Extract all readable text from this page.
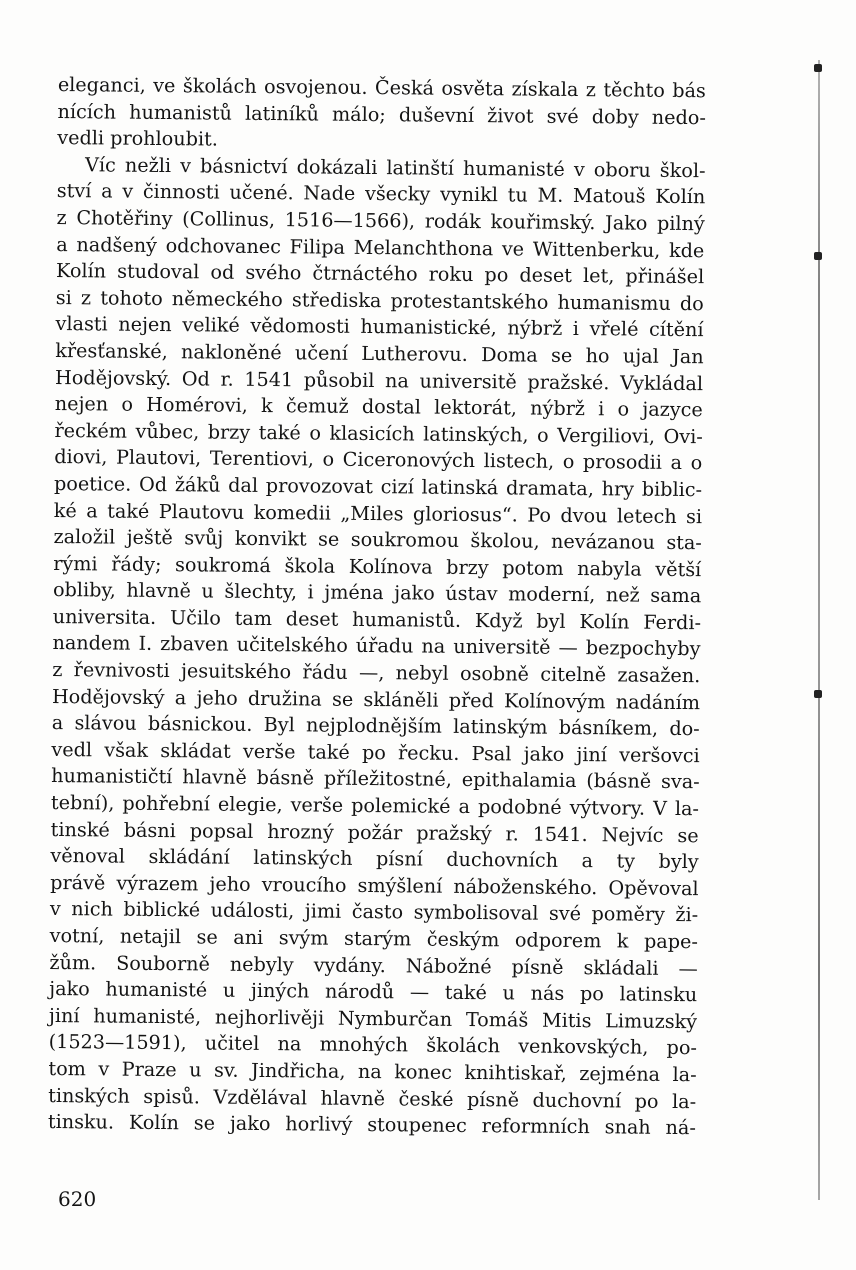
eleganci, ve školách osvojenou. Česká osvěta získala z těchto bás
nících humanistů latiníků málo; duševní život své doby nedo-
vedli prohloubit.
Víc nežli v básnictví dokázali latinští humanisté v oboru škol-
ství a v činnosti učené. Nade všecky vynikl tu M. Matouš Kolín
z Chotěřiny (Collinus, 1516—1566), rodák kouřimský. Jako pilný
a nadšený odchovanec Filipa Melanchthona ve Wittenberku, kde
Kolín studoval od svého čtrnáctého roku po deset let, přinášel
si z tohoto německého střediska protestantského humanismu do
vlasti nejen veliké vědomosti humanistické, nýbrž i vřelé cítění
křesťanské, nakloněné učení Lutherovu. Doma se ho ujal Jan
Hodějovský. Od r. 1541 působil na universitě pražské. Vykládal
nejen o Homérovi, k čemuž dostal lektorát, nýbrž i o jazyce
řeckém vůbec, brzy také o klasicích latinských, o Vergiliovi, Ovi-
diovi, Plautovi, Terentiovi, o Ciceronových listech, o prosodii a o
poetice. Od žáků dal provozovat cizí latinská dramata, hry biblic-
ké a také Plautovu komedii „Miles gloriosus“. Po dvou letech si
založil ještě svůj konvikt se soukromou školou, nevázanou sta-
rými řády; soukromá škola Kolínova brzy potom nabyla větší
obliby, hlavně u šlechty, i jména jako ústav moderní, než sama
universita. Učilo tam deset humanistů. Když byl Kolín Ferdi-
nandem I. zbaven učitelského úřadu na universitě — bezpochyby
z řevnivosti jesuitského řádu —, nebyl osobně citelně zasažen.
Hodějovský a jeho družina se skláněli před Kolínovým nadáním
a slávou básnickou. Byl nejplodnějším latinským básníkem, do-
vedl však skládat verše také po řecku. Psal jako jiní veršovci
humanističtí hlavně básně příležitostné, epithalamia (básně sva-
tební), pohřební elegie, verše polemické a podobné výtvory. V la-
tinské básni popsal hrozný požár pražský r. 1541. Nejvíc se
věnoval skládání latinských písní duchovních a ty byly
právě výrazem jeho vroucího smýšlení náboženského. Opěvoval
v nich biblické události, jimi často symbolisoval své poměry ži-
votní, netajil se ani svým starým českým odporem k pape-
žům. Souborně nebyly vydány. Nábožné písně skládali —
jako humanisté u jiných národů — také u nás po latinsku
jiní humanisté, nejhorlivěji Nymburčan Tomáš Mitis Limuzský
(1523—1591), učitel na mnohých školách venkovských, po-
tom v Praze u sv. Jindřicha, na konec knihtiskař, zejména la-
tinských spisů. Vzdělával hlavně české písně duchovní po la-
tinsku. Kolín se jako horlivý stoupenec reformních snah ná-
620
